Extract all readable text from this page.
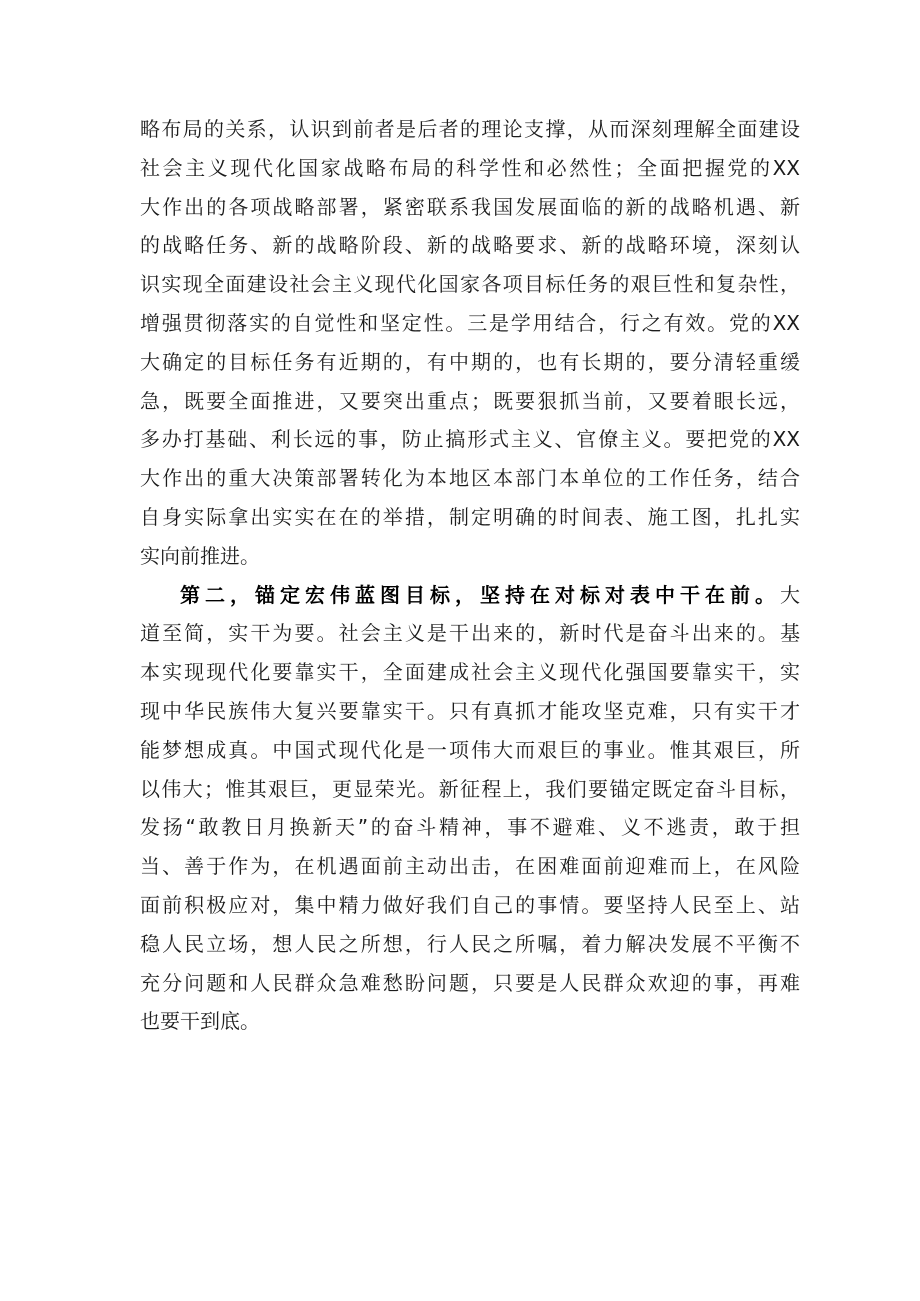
略布局的关系，认识到前者是后者的理论支撑，从而深刻理解全面建设
社会主义现代化国家战略布局的科学性和必然性；全面把握党的XX
大作出的各项战略部署，紧密联系我国发展面临的新的战略机遇、新
的战略任务、新的战略阶段、新的战略要求、新的战略环境，深刻认
识实现全面建设社会主义现代化国家各项目标任务的艰巨性和复杂性，
增强贯彻落实的自觉性和坚定性。三是学用结合，行之有效。党的XX
大确定的目标任务有近期的，有中期的，也有长期的，要分清轻重缓
急，既要全面推进，又要突出重点；既要狠抓当前，又要着眼长远，
多办打基础、利长远的事，防止搞形式主义、官僚主义。要把党的XX
大作出的重大决策部署转化为本地区本部门本单位的工作任务，结合
自身实际拿出实实在在的举措，制定明确的时间表、施工图，扎扎实
实向前推进。
第二，锚定宏伟蓝图目标，坚持在对标对表中干在前。大
道至简，实干为要。社会主义是干出来的，新时代是奋斗出来的。基
本实现现代化要靠实干，全面建成社会主义现代化强国要靠实干，实
现中华民族伟大复兴要靠实干。只有真抓才能攻坚克难，只有实干才
能梦想成真。中国式现代化是一项伟大而艰巨的事业。惟其艰巨，所
以伟大；惟其艰巨，更显荣光。新征程上，我们要锚定既定奋斗目标，
发扬“敢教日月换新天”的奋斗精神，事不避难、义不逃责，敢于担
当、善于作为，在机遇面前主动出击，在困难面前迎难而上，在风险
面前积极应对，集中精力做好我们自己的事情。要坚持人民至上、站
稳人民立场，想人民之所想，行人民之所嘱，着力解决发展不平衡不
充分问题和人民群众急难愁盼问题，只要是人民群众欢迎的事，再难
也要干到底。
